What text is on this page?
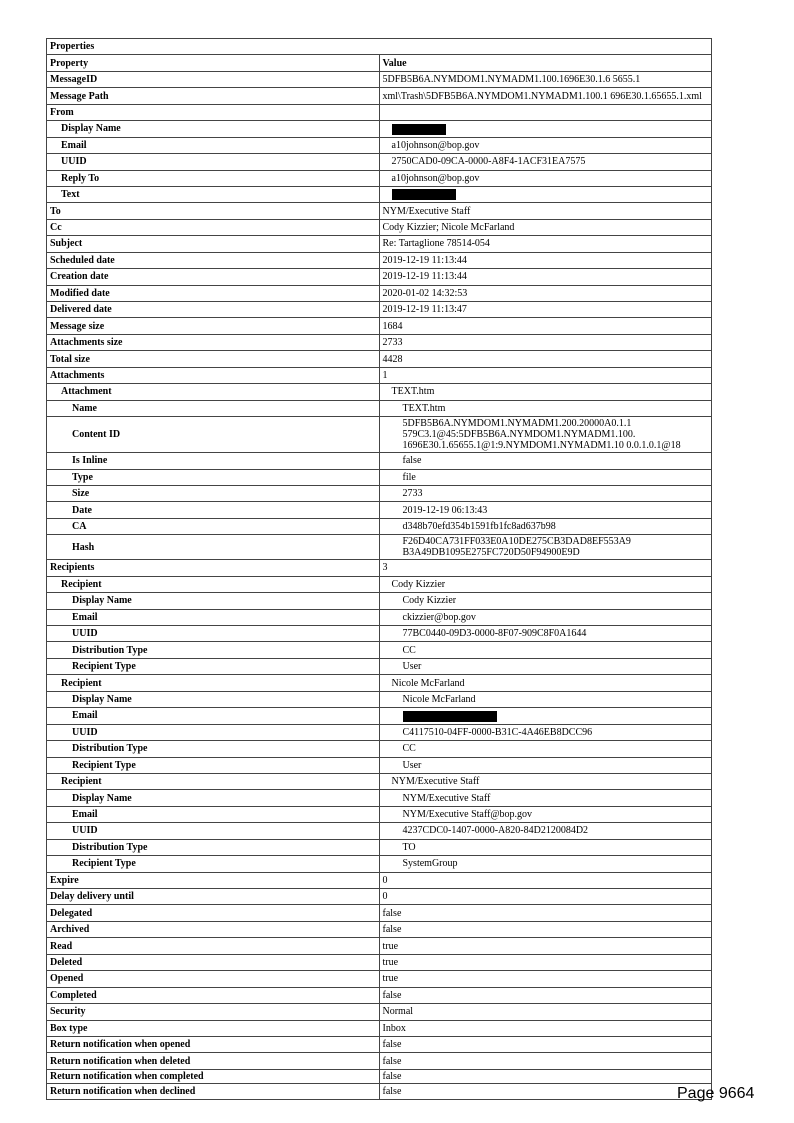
Properties	
Property	Value
MessageID	5DFB5B6A.NYMDOM1.NYMADM1.100.1696E30.1.6 5655.1
Message Path	xml\Trash\5DFB5B6A.NYMDOM1.NYMADM1.100.1 696E30.1.65655.1.xml
From	
Display Name	
Email	a10johnson@bop.gov
UUID	2750CAD0-09CA-0000-A8F4-1ACF31EA7575
Reply To	a10johnson@bop.gov
Text	
To	NYM/Executive Staff
Cc	Cody Kizzier; Nicole McFarland
Subject	Re: Tartaglione 78514-054
Scheduled date	2019-12-19 11:13:44
Creation date	2019-12-19 11:13:44
Modified date	2020-01-02 14:32:53
Delivered date	2019-12-19 11:13:47
Message size	1684
Attachments size	2733
Total size	4428
Attachments	1
Attachment	TEXT.htm
Name	TEXT.htm
Content ID	5DFB5B6A.NYMDOM1.NYMADM1.200.20000A0.1.1 579C3.1@45:5DFB5B6A.NYMDOM1.NYMADM1.100. 1696E30.1.65655.1@1:9.NYMDOM1.NYMADM1.10 0.0.1.0.1@18
Is Inline	false
Type	file
Size	2733
Date	2019-12-19 06:13:43
CA	d348b70efd354b1591fb1fc8ad637b98
Hash	F26D40CA731FF033E0A10DE275CB3DAD8EF553A9 B3A49DB1095E275FC720D50F94900E9D
Recipients	3
Recipient	Cody Kizzier
Display Name	Cody Kizzier
Email	ckizzier@bop.gov
UUID	77BC0440-09D3-0000-8F07-909C8F0A1644
Distribution Type	CC
Recipient Type	User
Recipient	Nicole McFarland
Display Name	Nicole McFarland
Email	
UUID	C4117510-04FF-0000-B31C-4A46EB8DCC96
Distribution Type	CC
Recipient Type	User
Recipient	NYM/Executive Staff
Display Name	NYM/Executive Staff
Email	NYM/Executive Staff@bop.gov
UUID	4237CDC0-1407-0000-A820-84D2120084D2
Distribution Type	TO
Recipient Type	SystemGroup
Expire	0
Delay delivery until	0
Delegated	false
Archived	false
Read	true
Deleted	true
Opened	true
Completed	false
Security	Normal
Box type	Inbox
Return notification when opened	false
Return notification when deleted	false
Return notification when completed	false
Return notification when declined	false	Page 9664
